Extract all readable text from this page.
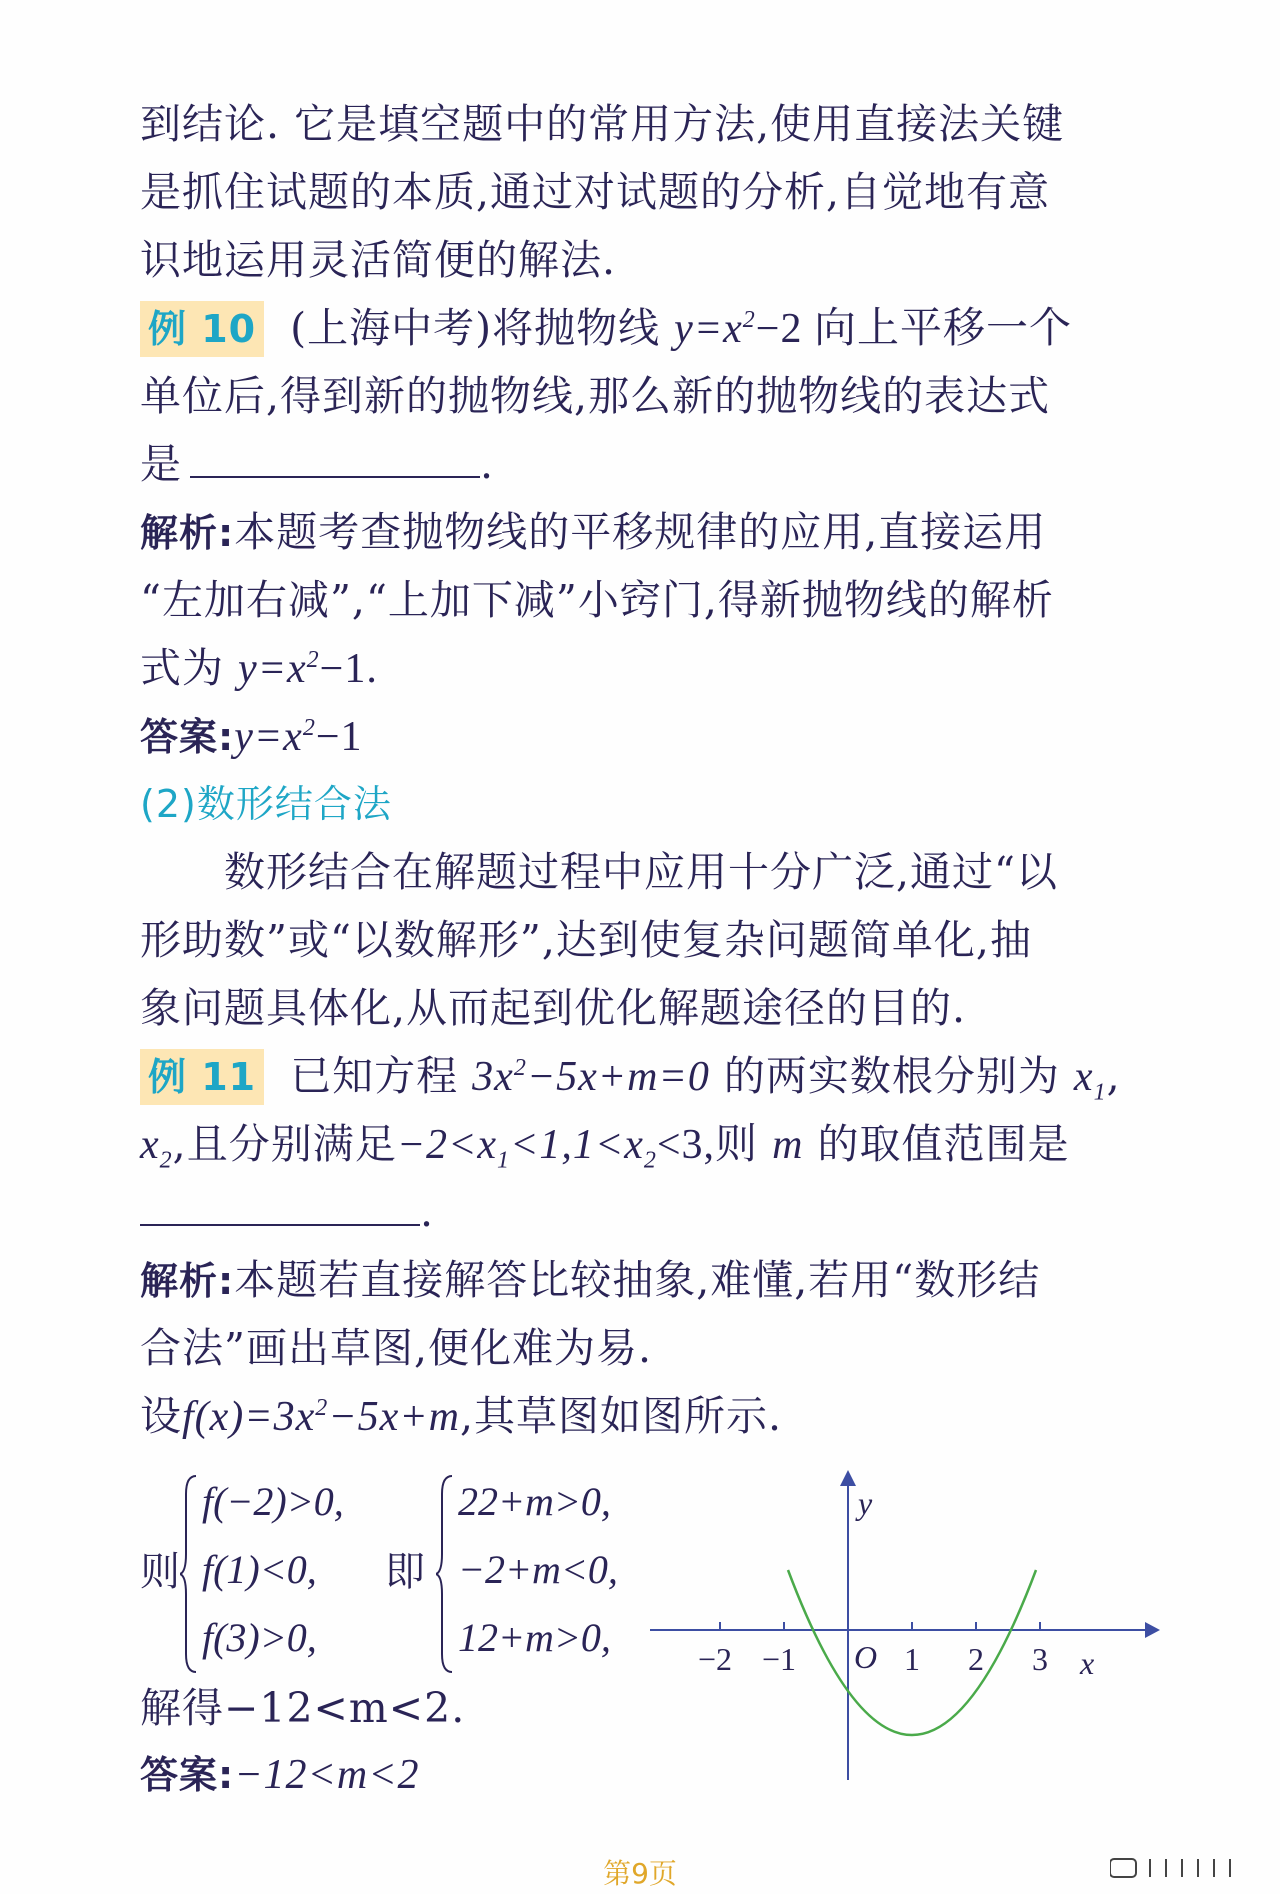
到结论. 它是填空题中的常用方法,使用直接法关键
是抓住试题的本质,通过对试题的分析,自觉地有意
识地运用灵活简便的解法.
例 10 (上海中考)将抛物线 $y=x^2-2$ 向上平移一个
单位后,得到新的抛物线,那么新的抛物线的表达式
是	.
解析:本题考查抛物线的平移规律的应用,直接运用
“左加右减”,“上加下减”小窍门,得新抛物线的解析
式为 $y=x^2-1$.
答案$:y=x^2-1$
(2)数形结合法
数形结合在解题过程中应用十分广泛,通过“以
形助数”或“以数解形”,达到使复杂问题简单化,抽
象问题具体化,从而起到优化解题途径的目的.
例 11 已知方程 $3x^2-5x+m=0$ 的两实数根分别为 $x_1$,
$x_2$,且分别满足$-2<x_1<1,1<x_2<3$,则 m 的取值范围是
.
解析:本题若直接解答比较抽象,难懂,若用“数形结
合法”画出草图,便化难为易.
设$f(x)=3x^2-5x+m$,其草图如图所示.
则
f(−2)>0,
f(1)<0,
f(3)>0,
即
22+m>0,
−2+m<0,
12+m>0,
解得−12<m<2.
答案:−12<m<2
y
x
O
−2 −1	1 2 3
第9页
